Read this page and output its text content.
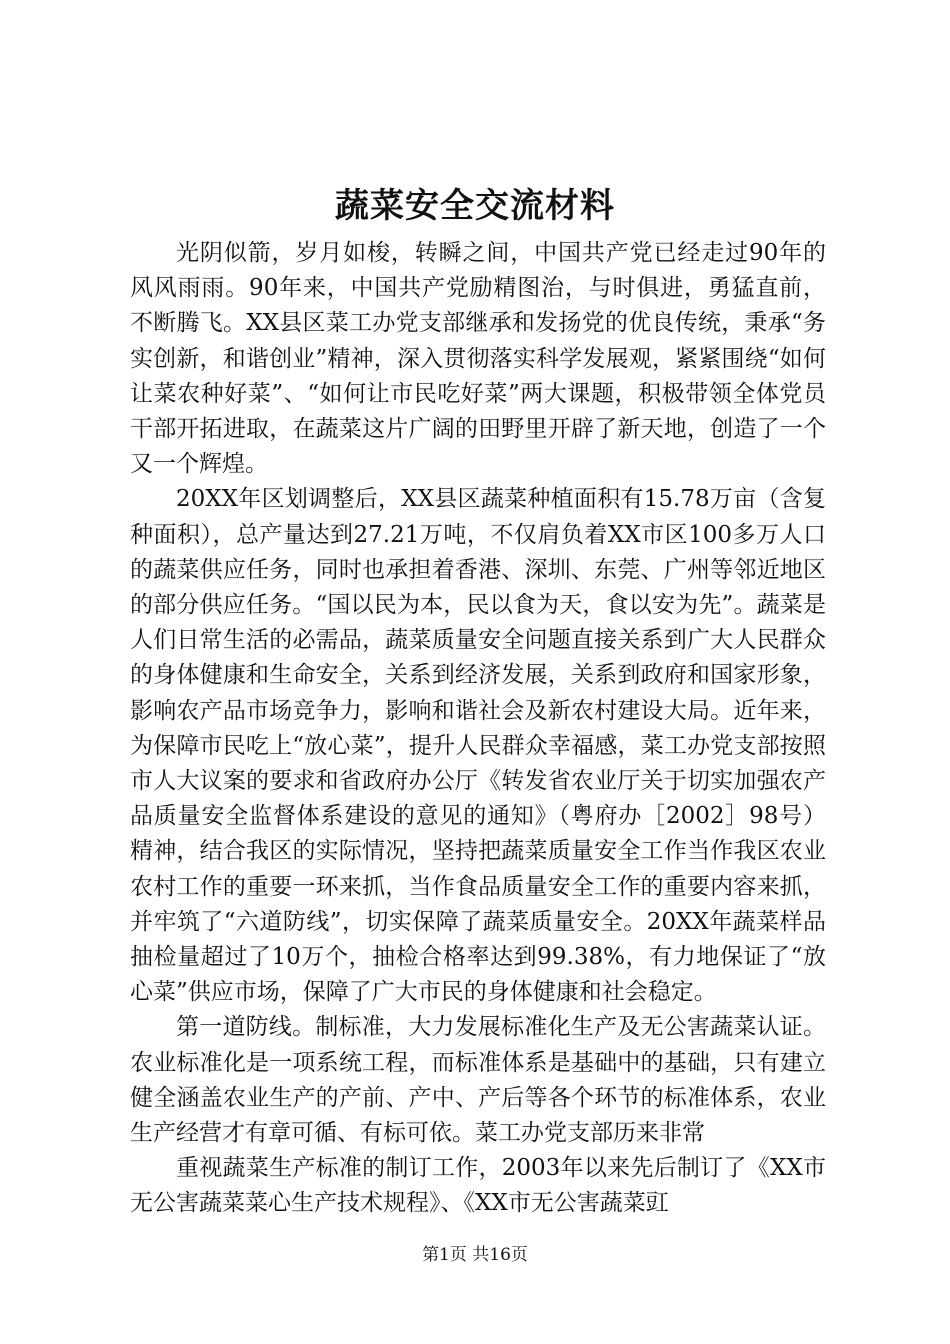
蔬菜安全交流材料

光阴似箭，岁月如梭，转瞬之间，中国共产党已经走过90年的风风雨雨。90年来，中国共产党励精图治，与时俱进，勇猛直前，不断腾飞。XX县区菜工办党支部继承和发扬党的优良传统，秉承“务实创新，和谐创业”精神，深入贯彻落实科学发展观，紧紧围绕“如何让菜农种好菜”、“如何让市民吃好菜”两大课题，积极带领全体党员干部开拓进取，在蔬菜这片广阔的田野里开辟了新天地，创造了一个又一个辉煌。

20XX年区划调整后，XX县区蔬菜种植面积有15.78万亩（含复种面积），总产量达到27.21万吨，不仅肩负着XX市区100多万人口的蔬菜供应任务，同时也承担着香港、深圳、东莞、广州等邻近地区的部分供应任务。“国以民为本，民以食为天，食以安为先”。蔬菜是人们日常生活的必需品，蔬菜质量安全问题直接关系到广大人民群众的身体健康和生命安全，关系到经济发展，关系到政府和国家形象，影响农产品市场竞争力，影响和谐社会及新农村建设大局。近年来，为保障市民吃上“放心菜”，提升人民群众幸福感，菜工办党支部按照市人大议案的要求和省政府办公厅《转发省农业厅关于切实加强农产品质量安全监督体系建设的意见的通知》（粤府办［2002］98号）精神，结合我区的实际情况，坚持把蔬菜质量安全工作当作我区农业农村工作的重要一环来抓，当作食品质量安全工作的重要内容来抓，并牢筑了“六道防线”，切实保障了蔬菜质量安全。20XX年蔬菜样品抽检量超过了10万个，抽检合格率达到99.38%，有力地保证了“放心菜”供应市场，保障了广大市民的身体健康和社会稳定。

第一道防线。制标准，大力发展标准化生产及无公害蔬菜认证。农业标准化是一项系统工程，而标准体系是基础中的基础，只有建立健全涵盖农业生产的产前、产中、产后等各个环节的标准体系，农业生产经营才有章可循、有标可依。菜工办党支部历来非常

重视蔬菜生产标准的制订工作，2003年以来先后制订了《XX市无公害蔬菜菜心生产技术规程》、《XX市无公害蔬菜豇

第1页 共16页
